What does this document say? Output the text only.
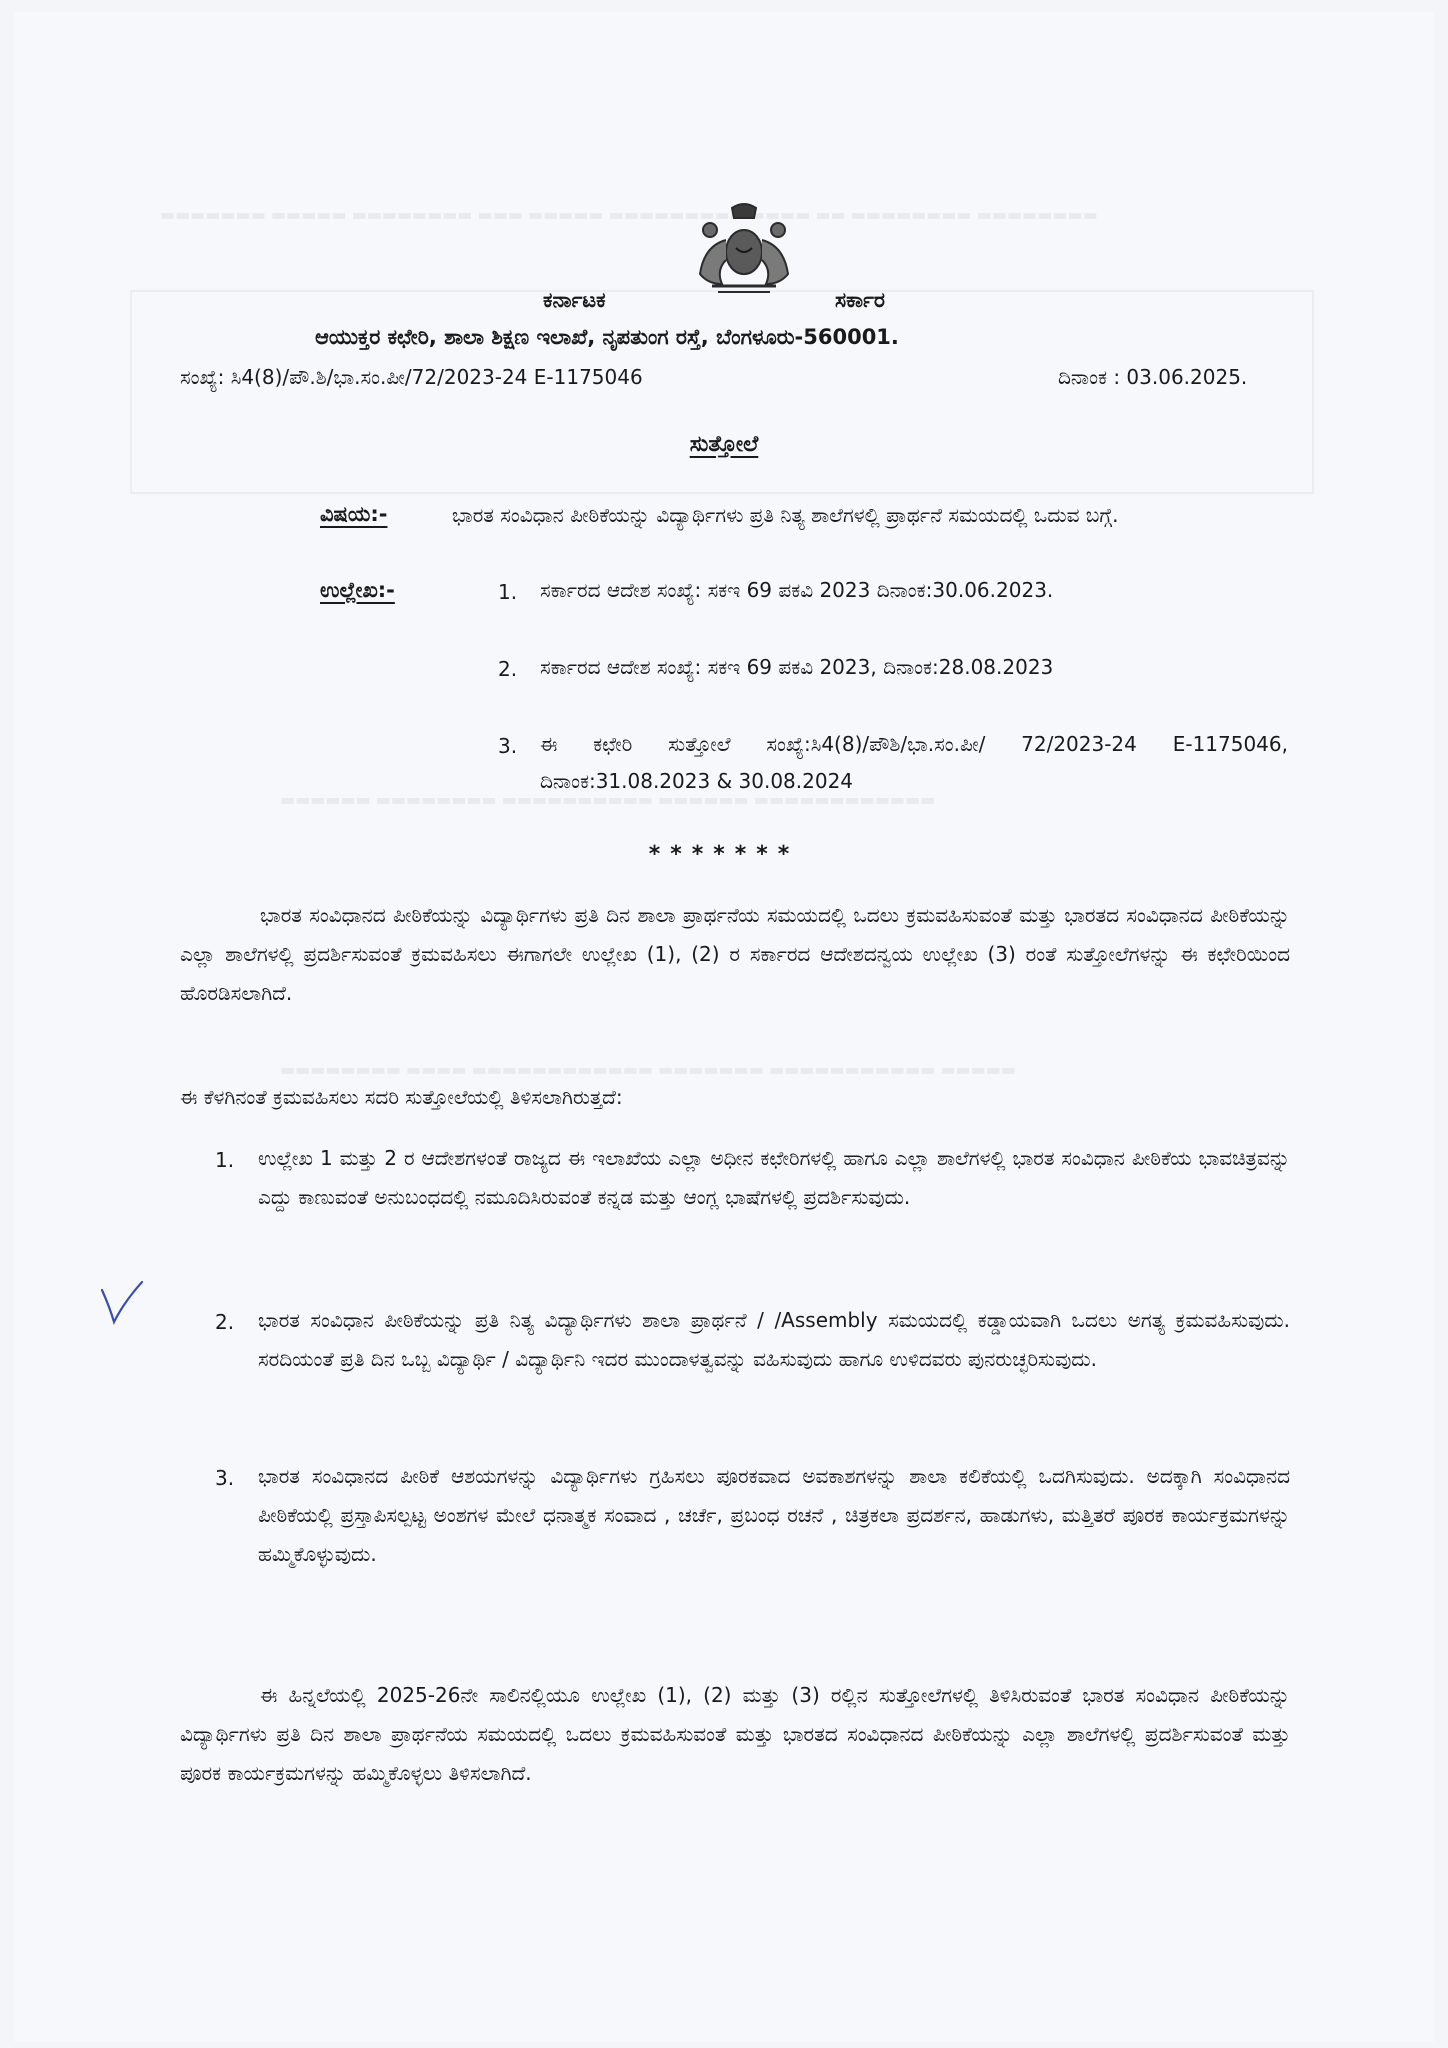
ಕರ್ನಾಟಕ	ಸರ್ಕಾರ
ಆಯುಕ್ತರ ಕಛೇರಿ, ಶಾಲಾ ಶಿಕ್ಷಣ ಇಲಾಖೆ, ನೃಪತುಂಗ ರಸ್ತೆ, ಬೆಂಗಳೂರು-560001.
ಸಂಖ್ಯೆ: ಸಿ4(8)/ಪೌ.ಶಿ/ಭಾ.ಸಂ.ಪೀ/72/2023-24 E-1175046	ದಿನಾಂಕ : 03.06.2025.
ಸುತ್ತೋಲೆ
ವಿಷಯ:-	ಭಾರತ ಸಂವಿಧಾನ ಪೀಠಿಕೆಯನ್ನು ವಿದ್ಯಾರ್ಥಿಗಳು ಪ್ರತಿ ನಿತ್ಯ ಶಾಲೆಗಳಲ್ಲಿ ಪ್ರಾರ್ಥನೆ ಸಮಯದಲ್ಲಿ ಒದುವ ಬಗ್ಗೆ.
ಉಲ್ಲೇಖ:-	1. ಸರ್ಕಾರದ ಆದೇಶ ಸಂಖ್ಯೆ: ಸಕಇ 69 ಪಕವಿ 2023 ದಿನಾಂಕ:30.06.2023.
2. ಸರ್ಕಾರದ ಆದೇಶ ಸಂಖ್ಯೆ: ಸಕಇ 69 ಪಕವಿ 2023, ದಿನಾಂಕ:28.08.2023
3. ಈ ಕಛೇರಿ ಸುತ್ತೋಲೆ ಸಂಖ್ಯೆ:ಸಿ4(8)/ಪೌಶಿ/ಭಾ.ಸಂ.ಪೀ/ 72/2023-24 E-1175046, ದಿನಾಂಕ:31.08.2023 & 30.08.2024
*******
ಭಾರತ ಸಂವಿಧಾನದ ಪೀಠಿಕೆಯನ್ನು ವಿದ್ಯಾರ್ಥಿಗಳು ಪ್ರತಿ ದಿನ ಶಾಲಾ ಪ್ರಾರ್ಥನೆಯ ಸಮಯದಲ್ಲಿ ಒದಲು ಕ್ರಮವಹಿಸುವಂತೆ ಮತ್ತು ಭಾರತದ ಸಂವಿಧಾನದ ಪೀಠಿಕೆಯನ್ನು ಎಲ್ಲಾ ಶಾಲೆಗಳಲ್ಲಿ ಪ್ರದರ್ಶಿಸುವಂತೆ ಕ್ರಮವಹಿಸಲು ಈಗಾಗಲೇ ಉಲ್ಲೇಖ (1), (2) ರ ಸರ್ಕಾರದ ಆದೇಶದನ್ವಯ ಉಲ್ಲೇಖ (3) ರಂತೆ ಸುತ್ತೋಲೆಗಳನ್ನು ಈ ಕಛೇರಿಯಿಂದ ಹೊರಡಿಸಲಾಗಿದೆ.
ಈ ಕೆಳಗಿನಂತೆ ಕ್ರಮವಹಿಸಲು ಸದರಿ ಸುತ್ತೋಲೆಯಲ್ಲಿ ತಿಳಿಸಲಾಗಿರುತ್ತದೆ:
1. ಉಲ್ಲೇಖ 1 ಮತ್ತು 2 ರ ಆದೇಶಗಳಂತೆ ರಾಜ್ಯದ ಈ ಇಲಾಖೆಯ ಎಲ್ಲಾ ಅಧೀನ ಕಛೇರಿಗಳಲ್ಲಿ ಹಾಗೂ ಎಲ್ಲಾ ಶಾಲೆಗಳಲ್ಲಿ ಭಾರತ ಸಂವಿಧಾನ ಪೀಠಿಕೆಯ ಭಾವಚಿತ್ರವನ್ನು ಎದ್ದು ಕಾಣುವಂತೆ ಅನುಬಂಧದಲ್ಲಿ ನಮೂದಿಸಿರುವಂತೆ ಕನ್ನಡ ಮತ್ತು ಆಂಗ್ಲ ಭಾಷೆಗಳಲ್ಲಿ ಪ್ರದರ್ಶಿಸುವುದು.
2. ಭಾರತ ಸಂವಿಧಾನ ಪೀಠಿಕೆಯನ್ನು ಪ್ರತಿ ನಿತ್ಯ ವಿದ್ಯಾರ್ಥಿಗಳು ಶಾಲಾ ಪ್ರಾರ್ಥನೆ / /Assembly ಸಮಯದಲ್ಲಿ ಕಡ್ಡಾಯವಾಗಿ ಒದಲು ಅಗತ್ಯ ಕ್ರಮವಹಿಸುವುದು. ಸರದಿಯಂತೆ ಪ್ರತಿ ದಿನ ಒಬ್ಬ ವಿದ್ಯಾರ್ಥಿ / ವಿದ್ಯಾರ್ಥಿನಿ ಇದರ ಮುಂದಾಳತ್ವವನ್ನು ವಹಿಸುವುದು ಹಾಗೂ ಉಳಿದವರು ಪುನರುಚ್ಛರಿಸುವುದು.
3. ಭಾರತ ಸಂವಿಧಾನದ ಪೀಠಿಕೆ ಆಶಯಗಳನ್ನು ವಿದ್ಯಾರ್ಥಿಗಳು ಗ್ರಹಿಸಲು ಪೂರಕವಾದ ಅವಕಾಶಗಳನ್ನು ಶಾಲಾ ಕಲಿಕೆಯಲ್ಲಿ ಒದಗಿಸುವುದು. ಅದಕ್ಕಾಗಿ ಸಂವಿಧಾನದ ಪೀಠಿಕೆಯಲ್ಲಿ ಪ್ರಸ್ತಾಪಿಸಲ್ಪಟ್ಟ ಅಂಶಗಳ ಮೇಲೆ ಧನಾತ್ಮಕ ಸಂವಾದ , ಚರ್ಚೆ, ಪ್ರಬಂಧ ರಚನೆ , ಚಿತ್ರಕಲಾ ಪ್ರದರ್ಶನ, ಹಾಡುಗಳು, ಮತ್ತಿತರೆ ಪೂರಕ ಕಾರ್ಯಕ್ರಮಗಳನ್ನು ಹಮ್ಮಿಕೊಳ್ಳುವುದು.
ಈ ಹಿನ್ನಲೆಯಲ್ಲಿ 2025-26ನೇ ಸಾಲಿನಲ್ಲಿಯೂ ಉಲ್ಲೇಖ (1), (2) ಮತ್ತು (3) ರಲ್ಲಿನ ಸುತ್ತೋಲೆಗಳಲ್ಲಿ ತಿಳಿಸಿರುವಂತೆ ಭಾರತ ಸಂವಿಧಾನ ಪೀಠಿಕೆಯನ್ನು ವಿದ್ಯಾರ್ಥಿಗಳು ಪ್ರತಿ ದಿನ ಶಾಲಾ ಪ್ರಾರ್ಥನೆಯ ಸಮಯದಲ್ಲಿ ಒದಲು ಕ್ರಮವಹಿಸುವಂತೆ ಮತ್ತು ಭಾರತದ ಸಂವಿಧಾನದ ಪೀಠಿಕೆಯನ್ನು ಎಲ್ಲಾ ಶಾಲೆಗಳಲ್ಲಿ ಪ್ರದರ್ಶಿಸುವಂತೆ ಮತ್ತು ಪೂರಕ ಕಾರ್ಯಕ್ರಮಗಳನ್ನು ಹಮ್ಮಿಕೊಳ್ಳಲು ತಿಳಿಸಲಾಗಿದೆ.
